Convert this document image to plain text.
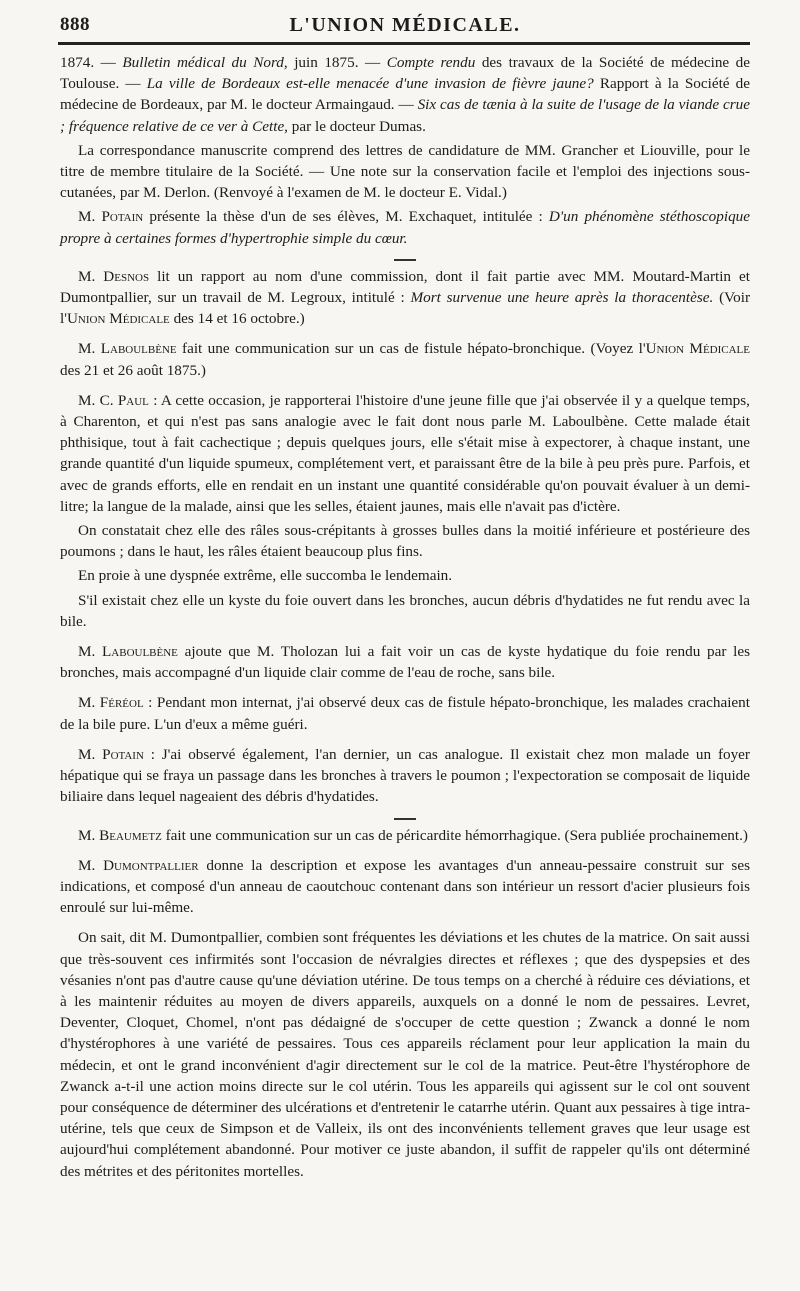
888	L'UNION MÉDICALE.

1874. — Bulletin médical du Nord, juin 1875. — Compte rendu des travaux de la Société de médecine de Toulouse. — La ville de Bordeaux est-elle menacée d'une invasion de fièvre jaune? Rapport à la Société de médecine de Bordeaux, par M. le docteur Armaingaud. — Six cas de tænia à la suite de l'usage de la viande crue ; fréquence relative de ce ver à Cette, par le docteur Dumas.

La correspondance manuscrite comprend des lettres de candidature de MM. Grancher et Liouville, pour le titre de membre titulaire de la Société. — Une note sur la conservation facile et l'emploi des injections sous-cutanées, par M. Derlon. (Renvoyé à l'examen de M. le docteur E. Vidal.)

M. Potain présente la thèse d'un de ses élèves, M. Exchaquet, intitulée : D'un phénomène stéthoscopique propre à certaines formes d'hypertrophie simple du cœur.

M. Desnos lit un rapport au nom d'une commission, dont il fait partie avec MM. Moutard-Martin et Dumontpallier, sur un travail de M. Legroux, intitulé : Mort survenue une heure après la thoracentèse. (Voir l'Union Médicale des 14 et 16 octobre.)

M. Laboulbène fait une communication sur un cas de fistule hépato-bronchique. (Voyez l'Union Médicale des 21 et 26 août 1875.)

M. C. Paul : A cette occasion, je rapporterai l'histoire d'une jeune fille que j'ai observée il y a quelque temps, à Charenton, et qui n'est pas sans analogie avec le fait dont nous parle M. Laboulbène. Cette malade était phthisique, tout à fait cachectique ; depuis quelques jours, elle s'était mise à expectorer, à chaque instant, une grande quantité d'un liquide spumeux, complétement vert, et paraissant être de la bile à peu près pure. Parfois, et avec de grands efforts, elle en rendait en un instant une quantité considérable qu'on pouvait évaluer à un demi-litre; la langue de la malade, ainsi que les selles, étaient jaunes, mais elle n'avait pas d'ictère.

On constatait chez elle des râles sous-crépitants à grosses bulles dans la moitié inférieure et postérieure des poumons ; dans le haut, les râles étaient beaucoup plus fins.

En proie à une dyspnée extrême, elle succomba le lendemain.

S'il existait chez elle un kyste du foie ouvert dans les bronches, aucun débris d'hydatides ne fut rendu avec la bile.

M. Laboulbène ajoute que M. Tholozan lui a fait voir un cas de kyste hydatique du foie rendu par les bronches, mais accompagné d'un liquide clair comme de l'eau de roche, sans bile.

M. Féréol : Pendant mon internat, j'ai observé deux cas de fistule hépato-bronchique, les malades crachaient de la bile pure. L'un d'eux a même guéri.

M. Potain : J'ai observé également, l'an dernier, un cas analogue. Il existait chez mon malade un foyer hépatique qui se fraya un passage dans les bronches à travers le poumon ; l'expectoration se composait de liquide biliaire dans lequel nageaient des débris d'hydatides.

M. Beaumetz fait une communication sur un cas de péricardite hémorrhagique. (Sera publiée prochainement.)

M. Dumontpallier donne la description et expose les avantages d'un anneau-pessaire construit sur ses indications, et composé d'un anneau de caoutchouc contenant dans son intérieur un ressort d'acier plusieurs fois enroulé sur lui-même.

On sait, dit M. Dumontpallier, combien sont fréquentes les déviations et les chutes de la matrice. On sait aussi que très-souvent ces infirmités sont l'occasion de névralgies directes et réflexes ; que des dyspepsies et des vésanies n'ont pas d'autre cause qu'une déviation utérine. De tous temps on a cherché à réduire ces déviations, et à les maintenir réduites au moyen de divers appareils, auxquels on a donné le nom de pessaires. Levret, Deventer, Cloquet, Chomel, n'ont pas dédaigné de s'occuper de cette question ; Zwanck a donné le nom d'hystérophores à une variété de pessaires. Tous ces appareils réclament pour leur application la main du médecin, et ont le grand inconvénient d'agir directement sur le col de la matrice. Peut-être l'hystérophore de Zwanck a-t-il une action moins directe sur le col utérin. Tous les appareils qui agissent sur le col ont souvent pour conséquence de déterminer des ulcérations et d'entretenir le catarrhe utérin. Quant aux pessaires à tige intra-utérine, tels que ceux de Simpson et de Valleix, ils ont des inconvénients tellement graves que leur usage est aujourd'hui complétement abandonné. Pour motiver ce juste abandon, il suffit de rappeler qu'ils ont déterminé des métrites et des péritonites mortelles.
